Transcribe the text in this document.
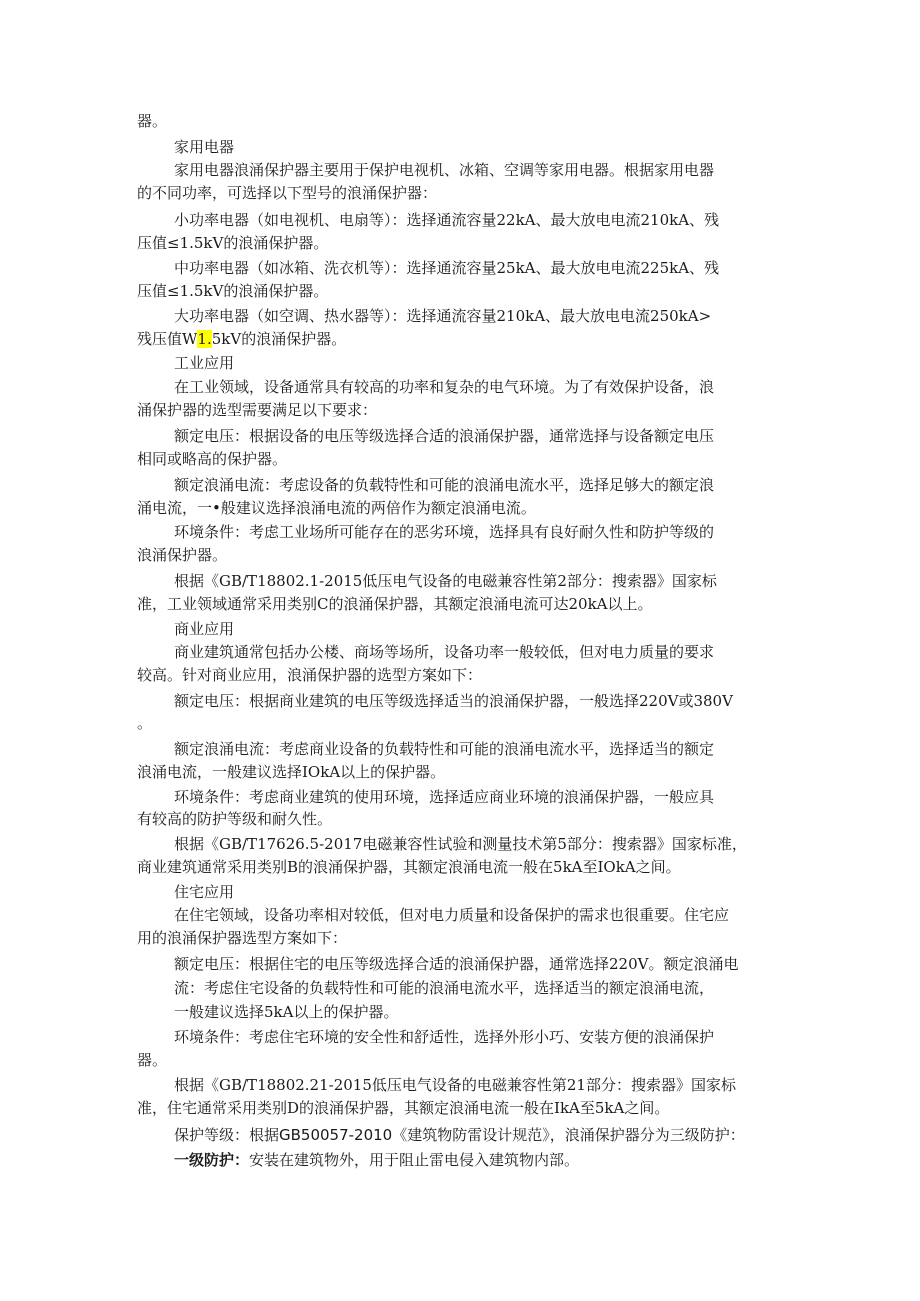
器。

家用电器

家用电器浪涌保护器主要用于保护电视机、冰箱、空调等家用电器。根据家用电器

的不同功率，可选择以下型号的浪涌保护器：

小功率电器（如电视机、电扇等）：选择通流容量22kA、最大放电电流210kA、残

压值≤1.5kV的浪涌保护器。

中功率电器（如冰箱、洗衣机等）：选择通流容量25kA、最大放电电流225kA、残

压值≤1.5kV的浪涌保护器。

大功率电器（如空调、热水器等）：选择通流容量210kA、最大放电电流250kA>

残压值W1.5kV的浪涌保护器。

工业应用

在工业领域，设备通常具有较高的功率和复杂的电气环境。为了有效保护设备，浪

涌保护器的选型需要满足以下要求：

额定电压：根据设备的电压等级选择合适的浪涌保护器，通常选择与设备额定电压

相同或略高的保护器。

额定浪涌电流：考虑设备的负载特性和可能的浪涌电流水平，选择足够大的额定浪

涌电流，一•般建议选择浪涌电流的两倍作为额定浪涌电流。

环境条件：考虑工业场所可能存在的恶劣环境，选择具有良好耐久性和防护等级的

浪涌保护器。

根据《GB/T18802.1-2015低压电气设备的电磁兼容性第2部分：搜索器》国家标

准，工业领域通常采用类别C的浪涌保护器，其额定浪涌电流可达20kA以上。

商业应用

商业建筑通常包括办公楼、商场等场所，设备功率一般较低，但对电力质量的要求

较高。针对商业应用，浪涌保护器的选型方案如下：

额定电压：根据商业建筑的电压等级选择适当的浪涌保护器，一般选择220V或380V

。

额定浪涌电流：考虑商业设备的负载特性和可能的浪涌电流水平，选择适当的额定

浪涌电流，一般建议选择IOkA以上的保护器。

环境条件：考虑商业建筑的使用环境，选择适应商业环境的浪涌保护器，一般应具

有较高的防护等级和耐久性。

根据《GB/T17626.5-2017电磁兼容性试验和测量技术第5部分：搜索器》国家标准，

商业建筑通常采用类别B的浪涌保护器，其额定浪涌电流一般在5kA至IOkA之间。

住宅应用

在住宅领域，设备功率相对较低，但对电力质量和设备保护的需求也很重要。住宅应

用的浪涌保护器选型方案如下：

额定电压：根据住宅的电压等级选择合适的浪涌保护器，通常选择220V。额定浪涌电

流：考虑住宅设备的负载特性和可能的浪涌电流水平，选择适当的额定浪涌电流，

一般建议选择5kA以上的保护器。

环境条件：考虑住宅环境的安全性和舒适性，选择外形小巧、安装方便的浪涌保护

器。

根据《GB/T18802.21-2015低压电气设备的电磁兼容性第21部分：搜索器》国家标

准，住宅通常采用类别D的浪涌保护器，其额定浪涌电流一般在IkA至5kA之间。

保护等级：根据GB50057-2010《建筑物防雷设计规范》，浪涌保护器分为三级防护：

一级防护：安装在建筑物外，用于阻止雷电侵入建筑物内部。
